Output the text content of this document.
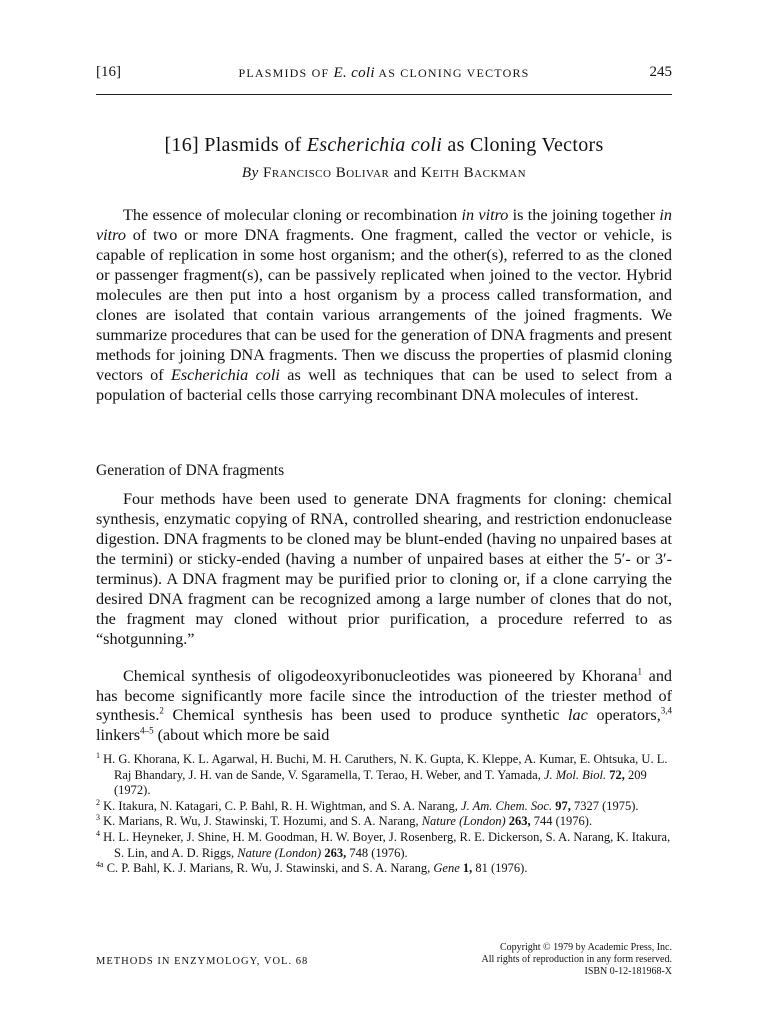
[16]	PLASMIDS OF E. coli AS CLONING VECTORS	245
[16] Plasmids of Escherichia coli as Cloning Vectors
By Francisco Bolivar and Keith Backman

The essence of molecular cloning or recombination in vitro is the joining together in vitro of two or more DNA fragments. One fragment, called the vector or vehicle, is capable of replication in some host organism; and the other(s), referred to as the cloned or passenger fragment(s), can be passively replicated when joined to the vector. Hybrid molecules are then put into a host organism by a process called transformation, and clones are isolated that contain various arrangements of the joined fragments. We summarize procedures that can be used for the generation of DNA fragments and present methods for joining DNA fragments. Then we discuss the properties of plasmid cloning vectors of Escherichia coli as well as techniques that can be used to select from a population of bacterial cells those carrying recombinant DNA molecules of interest.

Generation of DNA fragments

Four methods have been used to generate DNA fragments for cloning: chemical synthesis, enzymatic copying of RNA, controlled shearing, and restriction endonuclease digestion. DNA fragments to be cloned may be blunt-ended (having no unpaired bases at the termini) or sticky-ended (having a number of unpaired bases at either the 5′- or 3′-terminus). A DNA fragment may be purified prior to cloning or, if a clone carrying the desired DNA fragment can be recognized among a large number of clones that do not, the fragment may cloned without prior purification, a procedure referred to as “shotgunning.”

Chemical synthesis of oligodeoxyribonucleotides was pioneered by Khorana$^1$ and has become significantly more facile since the introduction of the triester method of synthesis.$^2$ Chemical synthesis has been used to produce synthetic lac operators,$^{3,4}$ linkers$^{4-5}$ (about which more be said

$^1$ H. G. Khorana, K. L. Agarwal, H. Buchi, M. H. Caruthers, N. K. Gupta, K. Kleppe, A. Kumar, E. Ohtsuka, U. L. Raj Bhandary, J. H. van de Sande, V. Sgaramella, T. Terao, H. Weber, and T. Yamada, J. Mol. Biol. 72, 209 (1972).

$^2$ K. Itakura, N. Katagari, C. P. Bahl, R. H. Wightman, and S. A. Narang, J. Am. Chem. Soc. 97, 7327 (1975).

$^3$ K. Marians, R. Wu, J. Stawinski, T. Hozumi, and S. A. Narang, Nature (London) 263, 744 (1976).

$^4$ H. L. Heyneker, J. Shine, H. M. Goodman, H. W. Boyer, J. Rosenberg, R. E. Dickerson, S. A. Narang, K. Itakura, S. Lin, and A. D. Riggs, Nature (London) 263, 748 (1976).

$^{4a}$ C. P. Bahl, K. J. Marians, R. Wu, J. Stawinski, and S. A. Narang, Gene 1, 81 (1976).

METHODS IN ENZYMOLOGY, VOL. 68
Copyright © 1979 by Academic Press, Inc.
All rights of reproduction in any form reserved.
ISBN 0-12-181968-X
